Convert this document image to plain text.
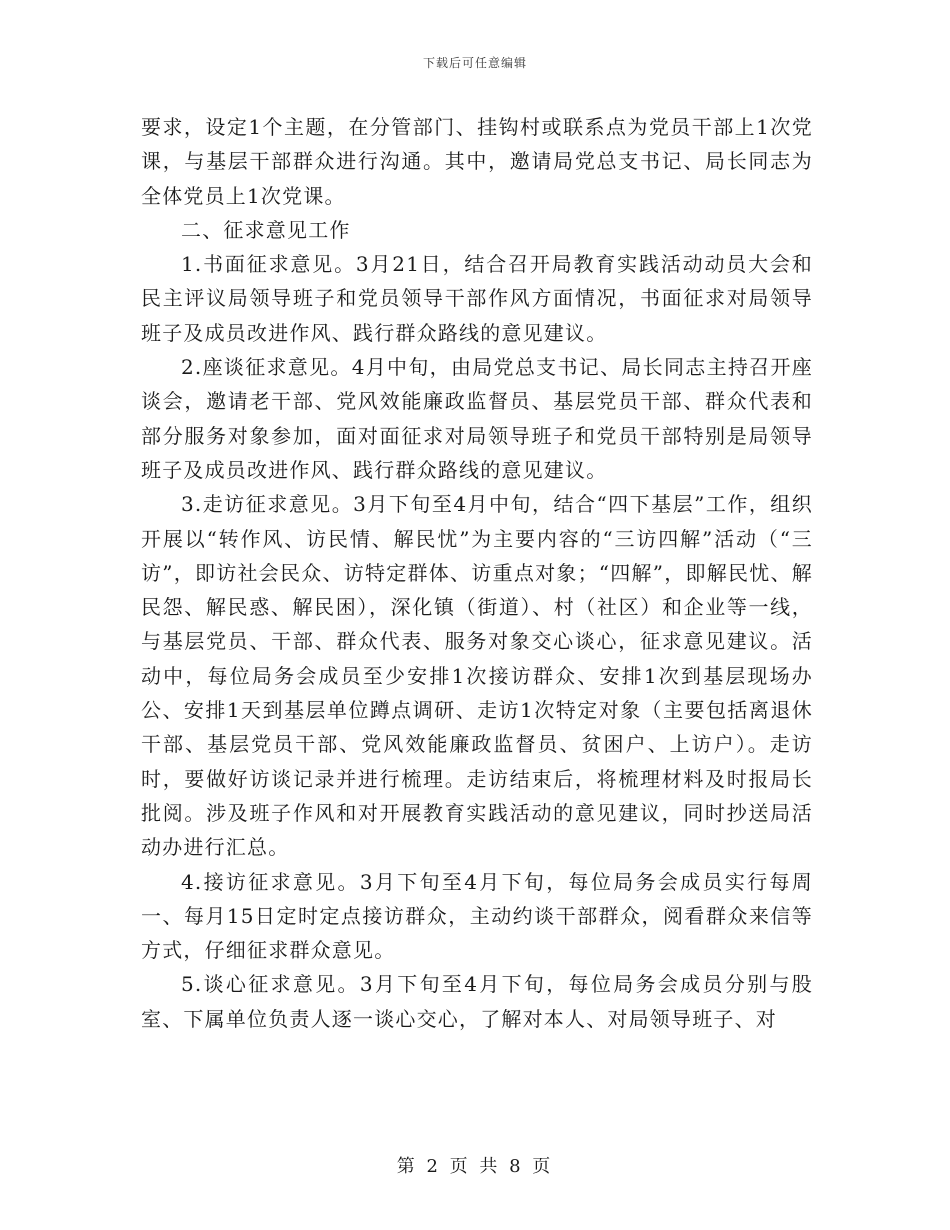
下载后可任意编辑

要求，设定1个主题，在分管部门、挂钩村或联系点为党员干部上1次党课，与基层干部群众进行沟通。其中，邀请局党总支书记、局长同志为全体党员上1次党课。

二、征求意见工作

1.书面征求意见。3月21日，结合召开局教育实践活动动员大会和民主评议局领导班子和党员领导干部作风方面情况，书面征求对局领导班子及成员改进作风、践行群众路线的意见建议。

2.座谈征求意见。4月中旬，由局党总支书记、局长同志主持召开座谈会，邀请老干部、党风效能廉政监督员、基层党员干部、群众代表和部分服务对象参加，面对面征求对局领导班子和党员干部特别是局领导班子及成员改进作风、践行群众路线的意见建议。

3.走访征求意见。3月下旬至4月中旬，结合“四下基层”工作，组织开展以“转作风、访民情、解民忧”为主要内容的“三访四解”活动（“三访”，即访社会民众、访特定群体、访重点对象；“四解”，即解民忧、解民怨、解民惑、解民困），深化镇（街道）、村（社区）和企业等一线，与基层党员、干部、群众代表、服务对象交心谈心，征求意见建议。活动中，每位局务会成员至少安排1次接访群众、安排1次到基层现场办公、安排1天到基层单位蹲点调研、走访1次特定对象（主要包括离退休干部、基层党员干部、党风效能廉政监督员、贫困户、上访户）。走访时，要做好访谈记录并进行梳理。走访结束后，将梳理材料及时报局长批阅。涉及班子作风和对开展教育实践活动的意见建议，同时抄送局活动办进行汇总。

4.接访征求意见。3月下旬至4月下旬，每位局务会成员实行每周一、每月15日定时定点接访群众，主动约谈干部群众，阅看群众来信等方式，仔细征求群众意见。

5.谈心征求意见。3月下旬至4月下旬，每位局务会成员分别与股室、下属单位负责人逐一谈心交心，了解对本人、对局领导班子、对

第 2 页 共 8 页
